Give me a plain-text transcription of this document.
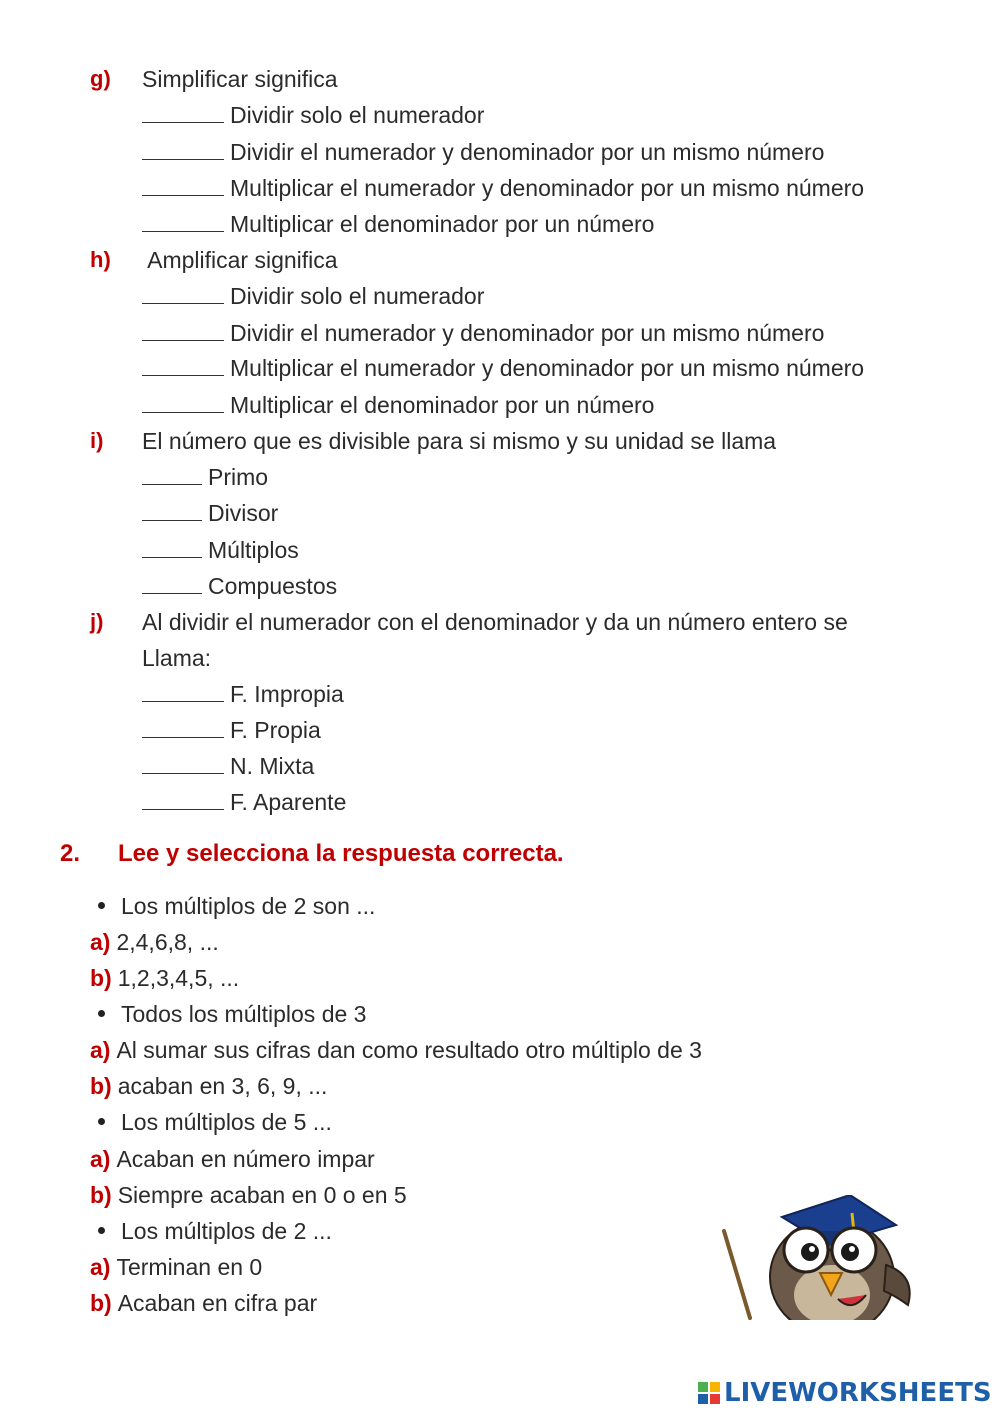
g) Simplificar significa
Dividir solo el numerador
Dividir el numerador y denominador por un mismo número
Multiplicar el numerador y denominador por un mismo número
Multiplicar el denominador por un número
h) Amplificar significa
Dividir solo el numerador
Dividir el numerador y denominador por un mismo número
Multiplicar el numerador y denominador por un mismo número
Multiplicar el denominador por un número
i) El número que es divisible para si mismo y su unidad se llama
Primo
Divisor
Múltiplos
Compuestos
j) Al dividir el numerador con el denominador y da un número entero se
Llama:
F. Impropia
F. Propia
N. Mixta
F. Aparente
2. Lee y selecciona la respuesta correcta.
Los múltiplos de 2 son ...
a) 2,4,6,8, ...
b) 1,2,3,4,5, ...
Todos los múltiplos de 3
a) Al sumar sus cifras dan como resultado otro múltiplo de 3
b) acaban en 3, 6, 9, ...
Los múltiplos de 5 ...
a) Acaban en número impar
b) Siempre acaban en 0 o en 5
Los múltiplos de 2 ...
a) Terminan en 0
b) Acaban en cifra par
LIVEWORKSHEETS
